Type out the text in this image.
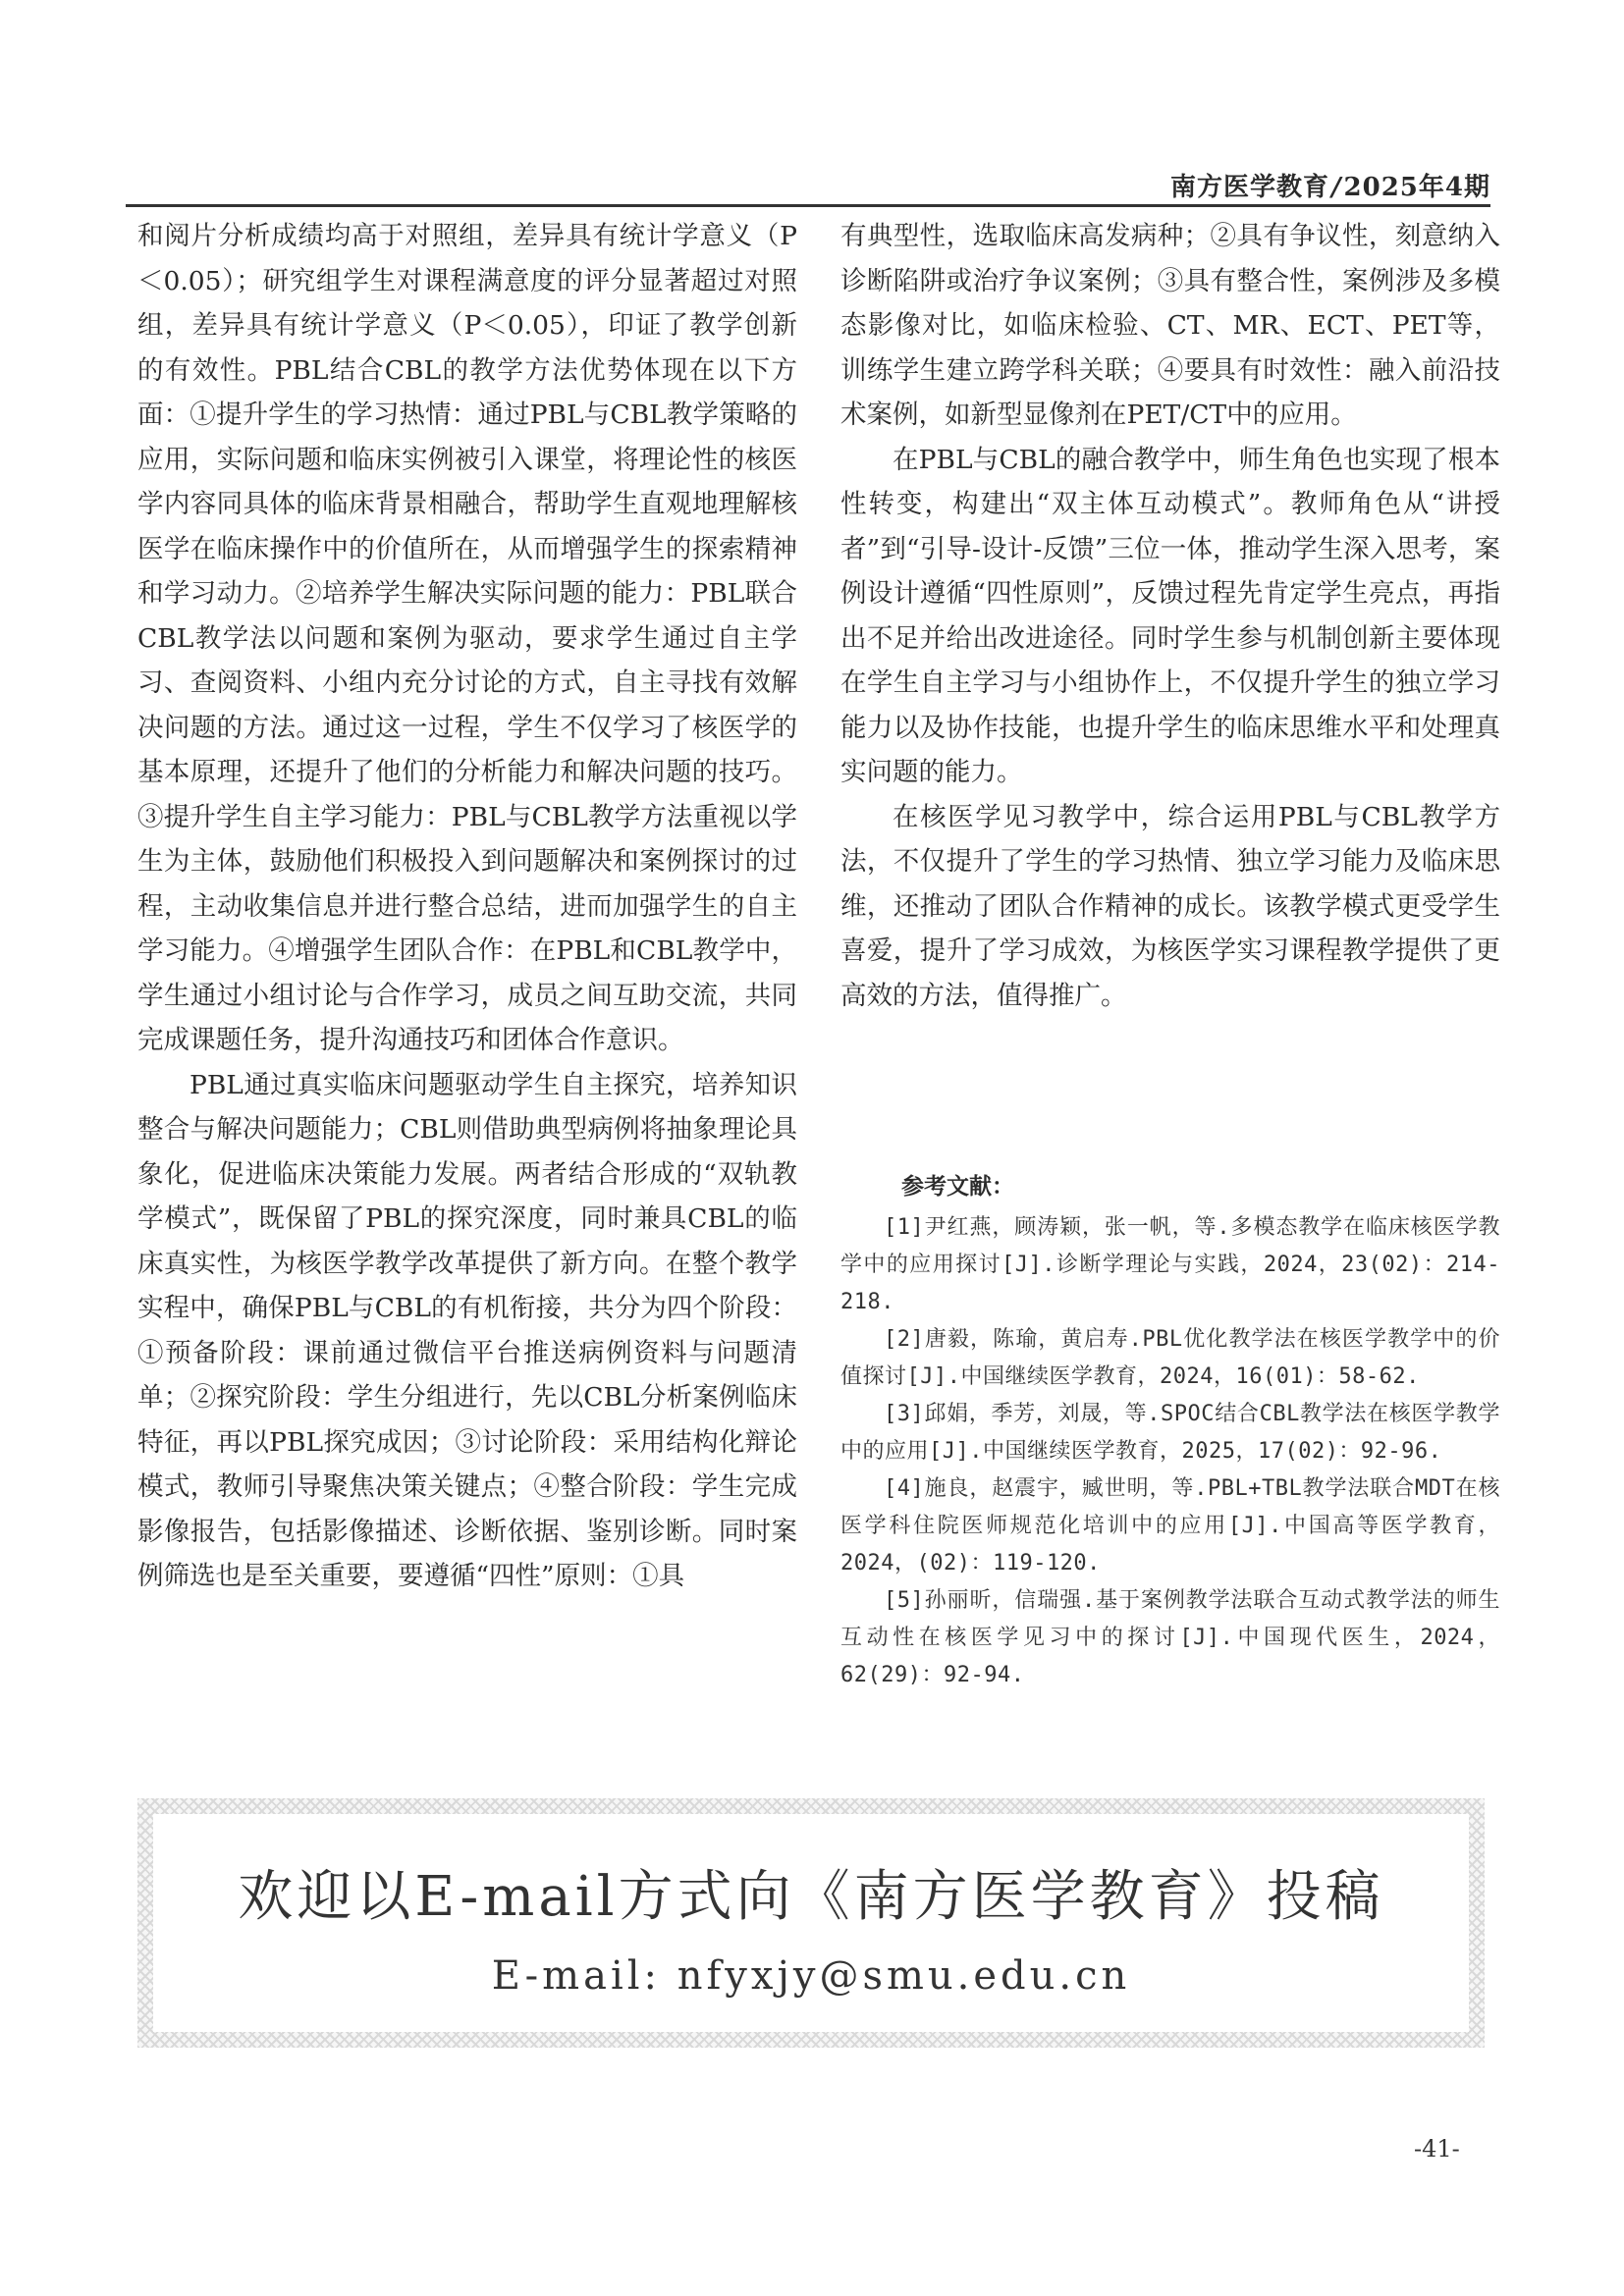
南方医学教育/2025年4期

和阅片分析成绩均高于对照组，差异具有统计学意义（P＜0.05）；研究组学生对课程满意度的评分显著超过对照组，差异具有统计学意义（P＜0.05），印证了教学创新的有效性。PBL结合CBL的教学方法优势体现在以下方面：①提升学生的学习热情：通过PBL与CBL教学策略的应用，实际问题和临床实例被引入课堂，将理论性的核医学内容同具体的临床背景相融合，帮助学生直观地理解核医学在临床操作中的价值所在，从而增强学生的探索精神和学习动力。②培养学生解决实际问题的能力：PBL联合CBL教学法以问题和案例为驱动，要求学生通过自主学习、查阅资料、小组内充分讨论的方式，自主寻找有效解决问题的方法。通过这一过程，学生不仅学习了核医学的基本原理，还提升了他们的分析能力和解决问题的技巧。③提升学生自主学习能力：PBL与CBL教学方法重视以学生为主体，鼓励他们积极投入到问题解决和案例探讨的过程，主动收集信息并进行整合总结，进而加强学生的自主学习能力。④增强学生团队合作：在PBL和CBL教学中，学生通过小组讨论与合作学习，成员之间互助交流，共同完成课题任务，提升沟通技巧和团体合作意识。

PBL通过真实临床问题驱动学生自主探究，培养知识整合与解决问题能力；CBL则借助典型病例将抽象理论具象化，促进临床决策能力发展。两者结合形成的“双轨教学模式”，既保留了PBL的探究深度，同时兼具CBL的临床真实性，为核医学教学改革提供了新方向。在整个教学实程中，确保PBL与CBL的有机衔接，共分为四个阶段：①预备阶段：课前通过微信平台推送病例资料与问题清单；②探究阶段：学生分组进行，先以CBL分析案例临床特征，再以PBL探究成因；③讨论阶段：采用结构化辩论模式，教师引导聚焦决策关键点；④整合阶段：学生完成影像报告，包括影像描述、诊断依据、鉴别诊断。同时案例筛选也是至关重要，要遵循“四性”原则：①具

有典型性，选取临床高发病种；②具有争议性，刻意纳入诊断陷阱或治疗争议案例；③具有整合性，案例涉及多模态影像对比，如临床检验、CT、MR、ECT、PET等，训练学生建立跨学科关联；④要具有时效性：融入前沿技术案例，如新型显像剂在PET/CT中的应用。

在PBL与CBL的融合教学中，师生角色也实现了根本性转变，构建出“双主体互动模式”。教师角色从“讲授者”到“引导-设计-反馈”三位一体，推动学生深入思考，案例设计遵循“四性原则”，反馈过程先肯定学生亮点，再指出不足并给出改进途径。同时学生参与机制创新主要体现在学生自主学习与小组协作上，不仅提升学生的独立学习能力以及协作技能，也提升学生的临床思维水平和处理真实问题的能力。

在核医学见习教学中，综合运用PBL与CBL教学方法，不仅提升了学生的学习热情、独立学习能力及临床思维，还推动了团队合作精神的成长。该教学模式更受学生喜爱，提升了学习成效，为核医学实习课程教学提供了更高效的方法，值得推广。

参考文献：

[1]尹红燕，顾涛颖，张一帆，等.多模态教学在临床核医学教学中的应用探讨[J].诊断学理论与实践，2024，23(02)：214-218.

[2]唐毅，陈瑜，黄启寿.PBL优化教学法在核医学教学中的价值探讨[J].中国继续医学教育，2024，16(01)：58-62.

[3]邱娟，季芳，刘晟，等.SPOC结合CBL教学法在核医学教学中的应用[J].中国继续医学教育，2025，17(02)：92-96.

[4]施良，赵震宇，臧世明，等.PBL+TBL教学法联合MDT在核医学科住院医师规范化培训中的应用[J].中国高等医学教育，2024，(02)：119-120.

[5]孙丽昕，信瑞强.基于案例教学法联合互动式教学法的师生互动性在核医学见习中的探讨[J].中国现代医生，2024，62(29)：92-94.

欢迎以E-mail方式向《南方医学教育》投稿
E-mail: nfyxjy@smu.edu.cn
-41-
